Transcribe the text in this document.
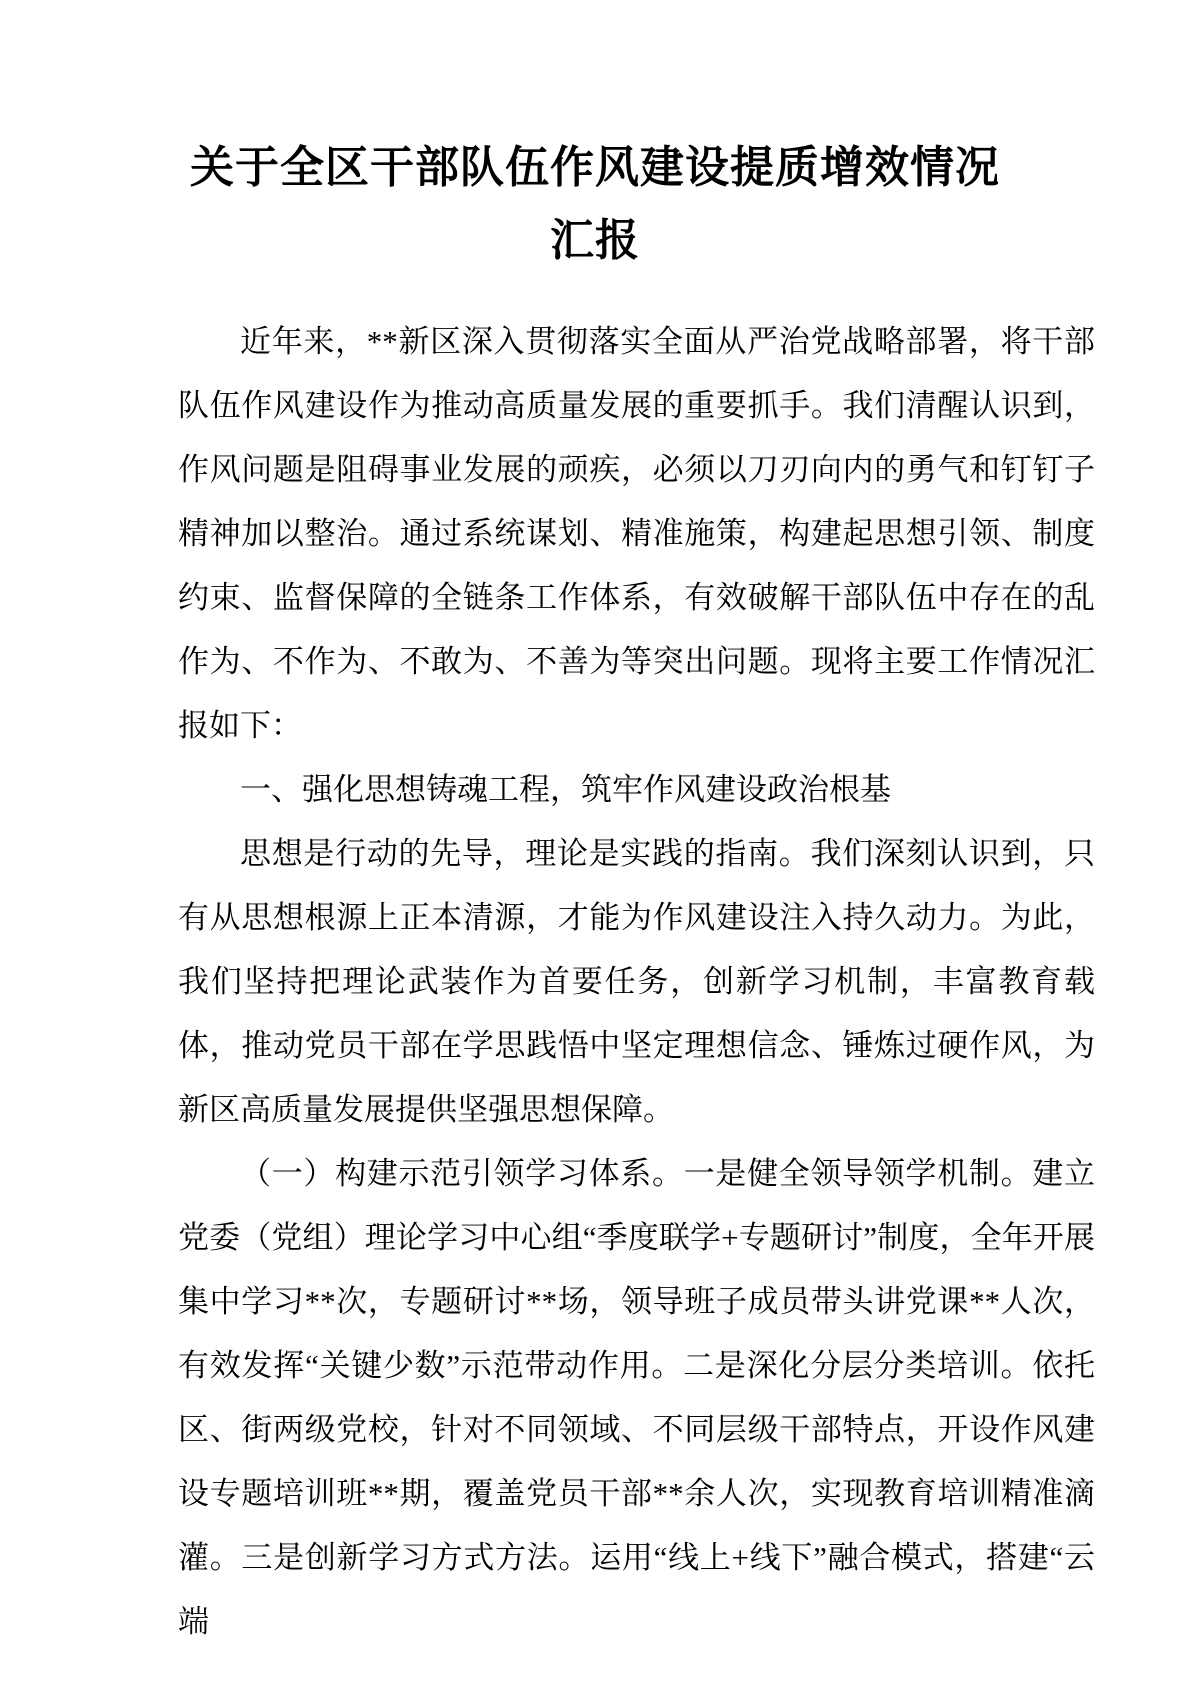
关于全区干部队伍作风建设提质增效情况
汇报

近年来，**新区深入贯彻落实全面从严治党战略部署，将干部队伍作风建设作为推动高质量发展的重要抓手。我们清醒认识到，作风问题是阻碍事业发展的顽疾，必须以刀刃向内的勇气和钉钉子精神加以整治。通过系统谋划、精准施策，构建起思想引领、制度约束、监督保障的全链条工作体系，有效破解干部队伍中存在的乱作为、不作为、不敢为、不善为等突出问题。现将主要工作情况汇报如下：

一、强化思想铸魂工程，筑牢作风建设政治根基

思想是行动的先导，理论是实践的指南。我们深刻认识到，只有从思想根源上正本清源，才能为作风建设注入持久动力。为此，我们坚持把理论武装作为首要任务，创新学习机制，丰富教育载体，推动党员干部在学思践悟中坚定理想信念、锤炼过硬作风，为新区高质量发展提供坚强思想保障。

（一）构建示范引领学习体系。一是健全领导领学机制。建立党委（党组）理论学习中心组“季度联学+专题研讨”制度，全年开展集中学习**次，专题研讨**场，领导班子成员带头讲党课**人次，有效发挥“关键少数”示范带动作用。二是深化分层分类培训。依托区、街两级党校，针对不同领域、不同层级干部特点，开设作风建设专题培训班**期，覆盖党员干部**余人次，实现教育培训精准滴灌。三是创新学习方式方法。运用“线上+线下”融合模式，搭建“云端
